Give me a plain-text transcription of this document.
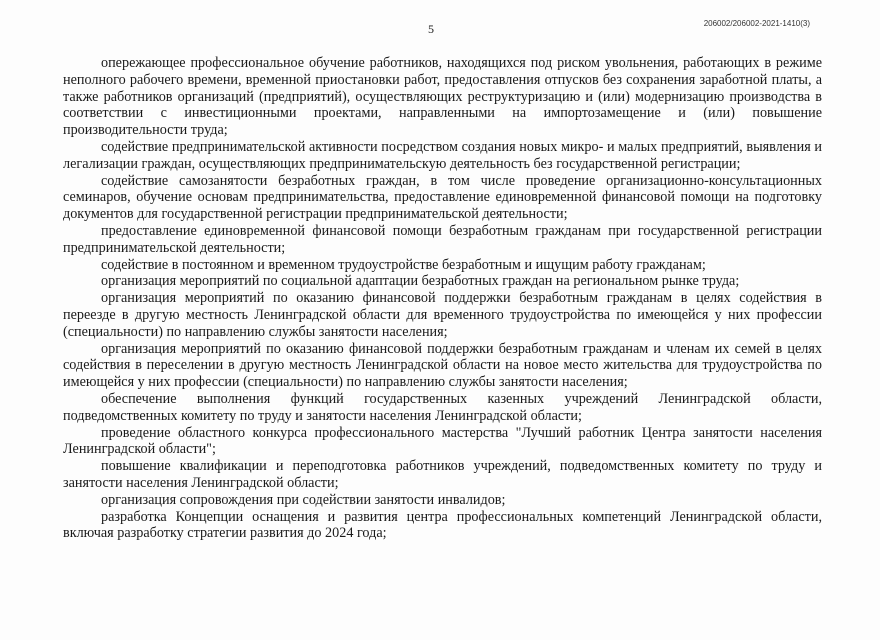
5	206002/206002-2021-1410(3)

опережающее профессиональное обучение работников, находящихся под риском увольнения, работающих в режиме неполного рабочего времени, временной приостановки работ, предоставления отпусков без сохранения заработной платы, а также работников организаций (предприятий), осуществляющих реструктуризацию и (или) модернизацию производства в соответствии с инвестиционными проектами, направленными на импортозамещение и (или) повышение производительности труда;

содействие предпринимательской активности посредством создания новых микро- и малых предприятий, выявления и легализации граждан, осуществляющих предпринимательскую деятельность без государственной регистрации;

содействие самозанятости безработных граждан, в том числе проведение организационно-консультационных семинаров, обучение основам предпринимательства, предоставление единовременной финансовой помощи на подготовку документов для государственной регистрации предпринимательской деятельности;

предоставление единовременной финансовой помощи безработным гражданам при государственной регистрации предпринимательской деятельности;

содействие в постоянном и временном трудоустройстве безработным и ищущим работу гражданам;

организация мероприятий по социальной адаптации безработных граждан на региональном рынке труда;

организация мероприятий по оказанию финансовой поддержки безработным гражданам в целях содействия в переезде в другую местность Ленинградской области для временного трудоустройства по имеющейся у них профессии (специальности) по направлению службы занятости населения;

организация мероприятий по оказанию финансовой поддержки безработным гражданам и членам их семей в целях содействия в переселении в другую местность Ленинградской области на новое место жительства для трудоустройства по имеющейся у них профессии (специальности) по направлению службы занятости населения;

обеспечение выполнения функций государственных казенных учреждений Ленинградской области, подведомственных комитету по труду и занятости населения Ленинградской области;

проведение областного конкурса профессионального мастерства "Лучший работник Центра занятости населения Ленинградской области";

повышение квалификации и переподготовка работников учреждений, подведомственных комитету по труду и занятости населения Ленинградской области;

организация сопровождения при содействии занятости инвалидов;

разработка Концепции оснащения и развития центра профессиональных компетенций Ленинградской области, включая разработку стратегии развития до 2024 года;
